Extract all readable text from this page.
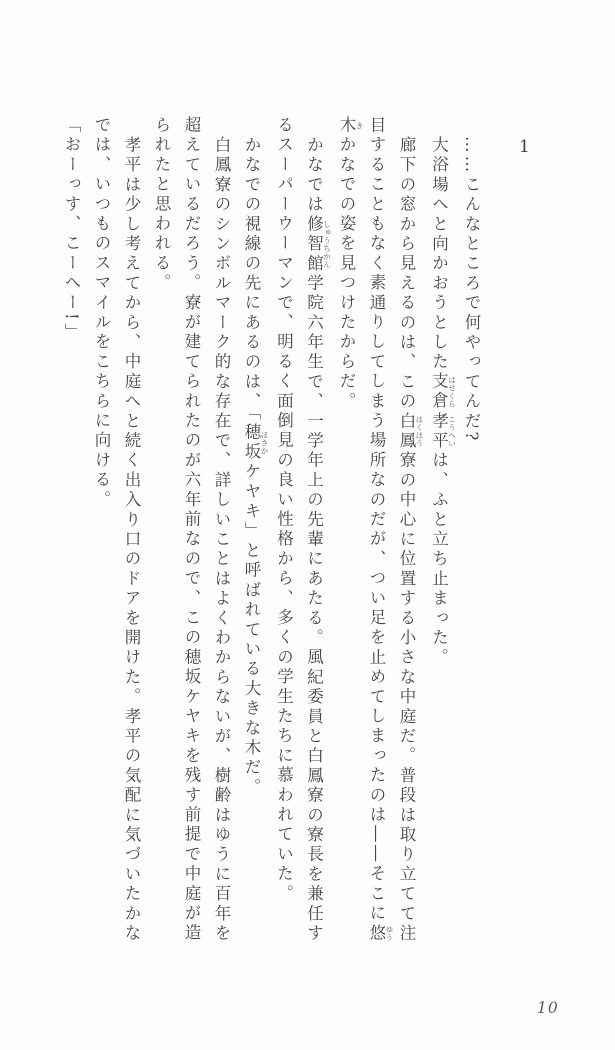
1

……こんなところで何やってんだ?

大浴場へと向かおうとした支倉 はせくら孝平 こうへいは、ふと立ち止まった。

廊下の窓から見えるのは、この白鳳 はくほう寮の中心に位置する小さな中庭だ。普段は取り立てて注目することもなく素通りしてしまう場所なのだが、つい足を止めてしまったのは――そこに悠 ゆう木 きかなでの姿を見つけたからだ。

かなでは修智館 しゅうちかん学院六年生で、一学年上の先輩にあたる。風紀委員と白鳳寮の寮長を兼任するスーパーウーマンで、明るく面倒見の良い性格から、多くの学生たちに慕われていた。

かなでの視線の先にあるのは、「穂坂 ほさかケヤキ」と呼ばれている大きな木だ。

白鳳寮のシンボルマーク的な存在で、詳しいことはよくわからないが、樹齢はゆうに百年を超えているだろう。寮が建てられたのが六年前なので、この穂坂ケヤキを残す前提で中庭が造られたと思われる。

孝平は少し考えてから、中庭へと続く出入り口のドアを開けた。孝平の気配に気づいたかなでは、いつものスマイルをこちらに向ける。

「おーっす、こーへー!」

10
